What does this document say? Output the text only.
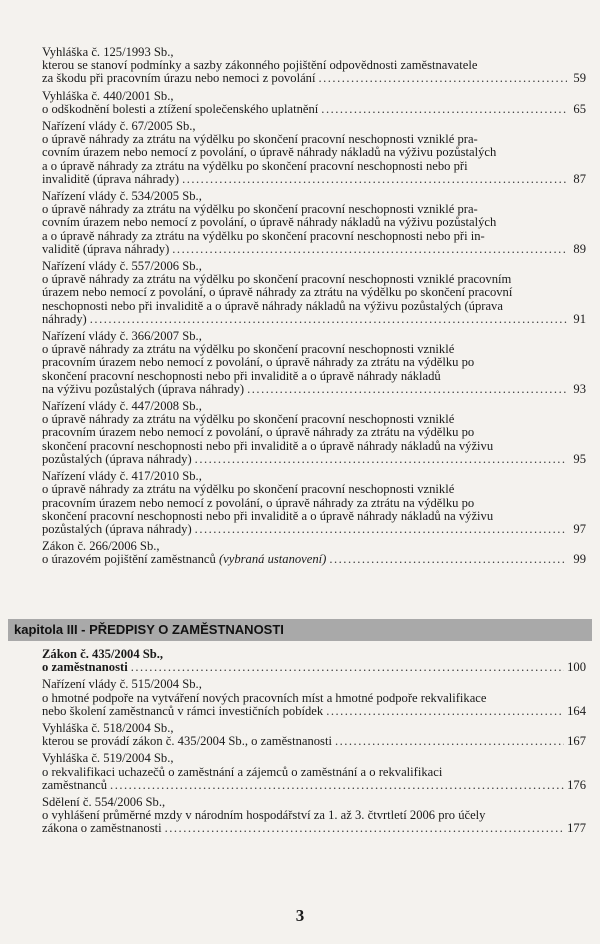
Vyhláška č. 125/1993 Sb.,
kterou se stanoví podmínky a sazby zákonného pojištění odpovědnosti zaměstnavatele
za škodu při pracovním úrazu nebo nemoci z povolání .....	59
Vyhláška č. 440/2001 Sb.,
o odškodnění bolesti a ztížení společenského uplatnění .....	65
Nařízení vlády č. 67/2005 Sb.,
o úpravě náhrady za ztrátu na výdělku po skončení pracovní neschopnosti vzniklé pra-
covním úrazem nebo nemocí z povolání, o úpravě náhrady nákladů na výživu pozůstalých
a o úpravě náhrady za ztrátu na výdělku po skončení pracovní neschopnosti nebo při
invaliditě (úprava náhrady) .....	87
Nařízení vlády č. 534/2005 Sb.,
o úpravě náhrady za ztrátu na výdělku po skončení pracovní neschopnosti vzniklé pra-
covním úrazem nebo nemocí z povolání, o úpravě náhrady nákladů na výživu pozůstalých
a o úpravě náhrady za ztrátu na výdělku po skončení pracovní neschopnosti nebo při in-
validitě (úprava náhrady) .....	89
Nařízení vlády č. 557/2006 Sb.,
o úpravě náhrady za ztrátu na výdělku po skončení pracovní neschopnosti vzniklé pracovním
úrazem nebo nemocí z povolání, o úpravě náhrady za ztrátu na výdělku po skončení pracovní
neschopnosti nebo při invaliditě a o úpravě náhrady nákladů na výživu pozůstalých (úprava
náhrady) .....	91
Nařízení vlády č. 366/2007 Sb.,
o úpravě náhrady za ztrátu na výdělku po skončení pracovní neschopnosti vzniklé
pracovním úrazem nebo nemocí z povolání, o úpravě náhrady za ztrátu na výdělku po
skončení pracovní neschopnosti nebo při invaliditě a o úpravě náhrady nákladů
na výživu pozůstalých (úprava náhrady) .....	93
Nařízení vlády č. 447/2008 Sb.,
o úpravě náhrady za ztrátu na výdělku po skončení pracovní neschopnosti vzniklé
pracovním úrazem nebo nemocí z povolání, o úpravě náhrady za ztrátu na výdělku po
skončení pracovní neschopnosti nebo při invaliditě a o úpravě náhrady nákladů na výživu
pozůstalých (úprava náhrady) .....	95
Nařízení vlády č. 417/2010 Sb.,
o úpravě náhrady za ztrátu na výdělku po skončení pracovní neschopnosti vzniklé
pracovním úrazem nebo nemocí z povolání, o úpravě náhrady za ztrátu na výdělku po
skončení pracovní neschopnosti nebo při invaliditě a o úpravě náhrady nákladů na výživu
pozůstalých (úprava náhrady) .....	97
Zákon č. 266/2006 Sb.,
o úrazovém pojištění zaměstnanců (vybraná ustanovení) .....	99
kapitola III - PŘEDPISY O ZAMĚSTNANOSTI
Zákon č. 435/2004 Sb.,
o zaměstnanosti .....	100
Nařízení vlády č. 515/2004 Sb.,
o hmotné podpoře na vytváření nových pracovních míst a hmotné podpoře rekvalifikace
nebo školení zaměstnanců v rámci investičních pobídek .....	164
Vyhláška č. 518/2004 Sb.,
kterou se provádí zákon č. 435/2004 Sb., o zaměstnanosti .....	167
Vyhláška č. 519/2004 Sb.,
o rekvalifikaci uchazečů o zaměstnání a zájemců o zaměstnání a o rekvalifikaci
zaměstnanců .....	176
Sdělení č. 554/2006 Sb.,
o vyhlášení průměrné mzdy v národním hospodářství za 1. až 3. čtvrtletí 2006 pro účely
zákona o zaměstnanosti .....	177
3
